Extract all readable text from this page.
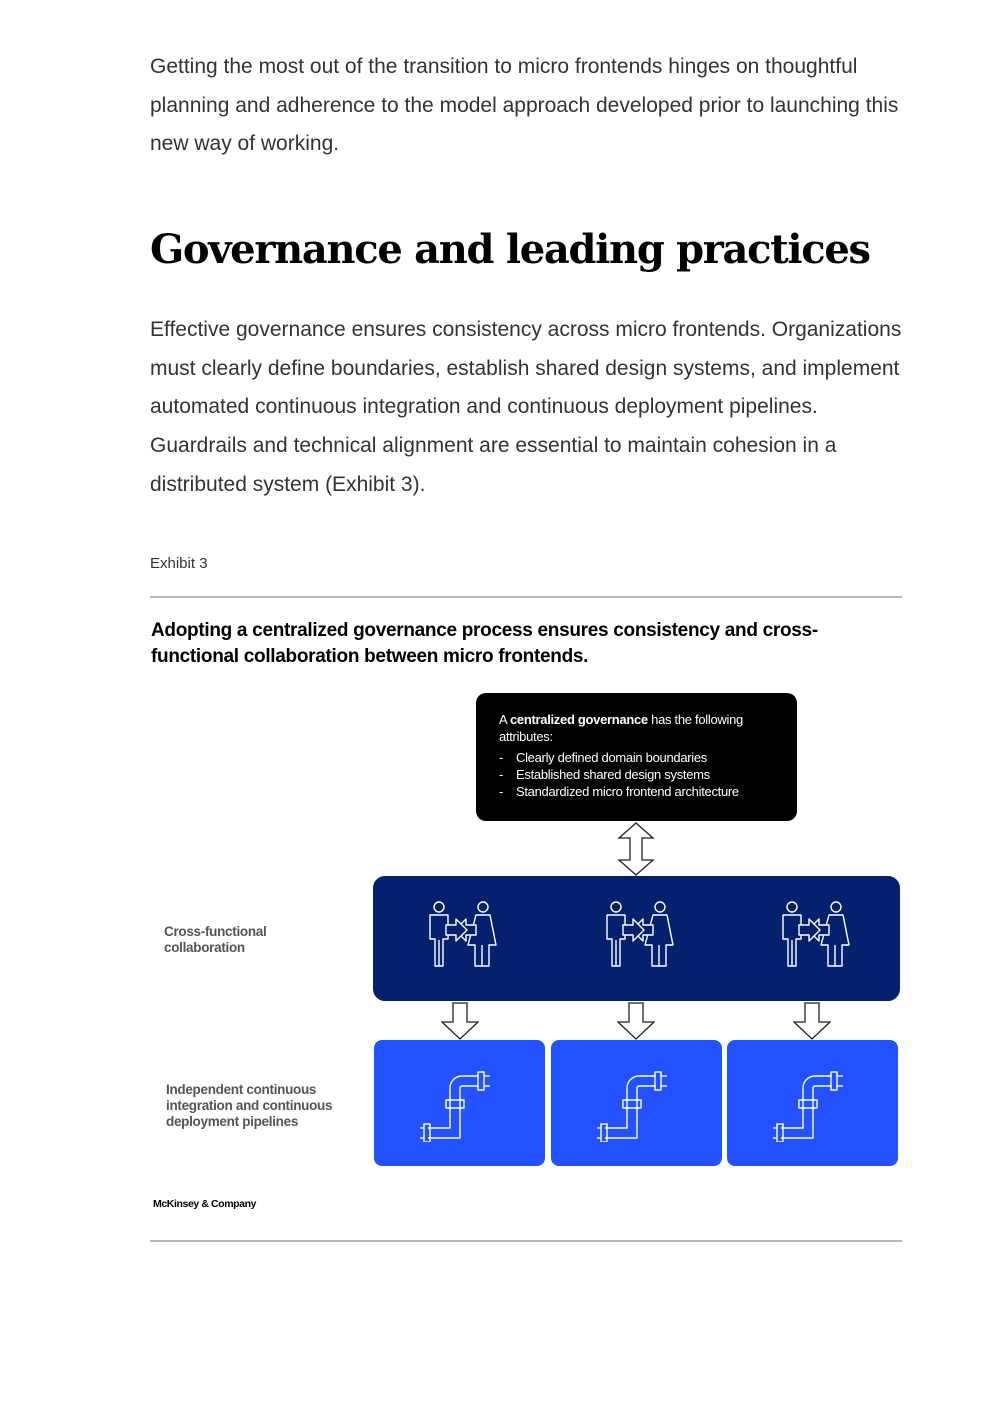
Getting the most out of the transition to micro frontends hinges on thoughtful planning and adherence to the model approach developed prior to launching this new way of working.

Governance and leading practices

Effective governance ensures consistency across micro frontends. Organizations must clearly define boundaries, establish shared design systems, and implement automated continuous integration and continuous deployment pipelines. Guardrails and technical alignment are essential to maintain cohesion in a distributed system (Exhibit 3).

Exhibit 3
Adopting a centralized governance process ensures consistency and cross-functional collaboration between micro frontends.
A centralized governance has the following attributes:
- Clearly defined domain boundaries
- Established shared design systems
- Standardized micro frontend architecture
Cross-functional collaboration
Independent continuous integration and continuous deployment pipelines
McKinsey & Company
